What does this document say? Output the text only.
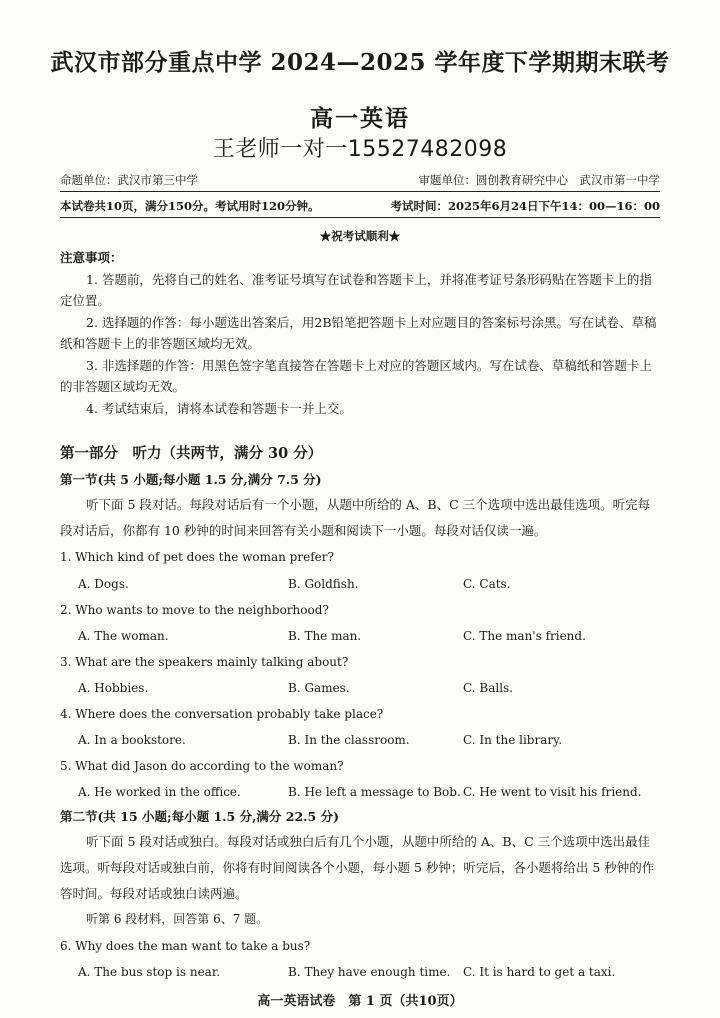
武汉市部分重点中学 2024—2025 学年度下学期期末联考
高一英语
王老师一对一15527482098
命题单位：武汉市第三中学	审题单位：圆创教育研究中心　武汉市第一中学
本试卷共10页，满分150分。考试用时120分钟。	考试时间：2025年6月24日下午14：00—16：00
★祝考试顺利★
注意事项：
1. 答题前，先将自己的姓名、准考证号填写在试卷和答题卡上，并将准考证号条形码贴在答题卡上的指定位置。
2. 选择题的作答：每小题选出答案后，用2B铅笔把答题卡上对应题目的答案标号涂黑。写在试卷、草稿纸和答题卡上的非答题区域均无效。
3. 非选择题的作答：用黑色签字笔直接答在答题卡上对应的答题区域内。写在试卷、草稿纸和答题卡上的非答题区域均无效。
4. 考试结束后，请将本试卷和答题卡一并上交。
第一部分　听力（共两节，满分 30 分）
第一节(共 5 小题;每小题 1.5 分,满分 7.5 分)
听下面 5 段对话。每段对话后有一个小题，从题中所给的 A、B、C 三个选项中选出最佳选项。听完每段对话后，你都有 10 秒钟的时间来回答有关小题和阅读下一小题。每段对话仅读一遍。
1. Which kind of pet does the woman prefer?
A. Dogs.	B. Goldfish.	C. Cats.
2. Who wants to move to the neighborhood?
A. The woman.	B. The man.	C. The man's friend.
3. What are the speakers mainly talking about?
A. Hobbies.	B. Games.	C. Balls.
4. Where does the conversation probably take place?
A. In a bookstore.	B. In the classroom.	C. In the library.
5. What did Jason do according to the woman?
A. He worked in the office.	B. He left a message to Bob. C. He went to visit his friend.
第二节(共 15 小题;每小题 1.5 分,满分 22.5 分)
听下面 5 段对话或独白。每段对话或独白后有几个小题，从题中所给的 A、B、C 三个选项中选出最佳选项。听每段对话或独白前，你将有时间阅读各个小题，每小题 5 秒钟；听完后，各小题将给出 5 秒钟的作答时间。每段对话或独白读两遍。
听第 6 段材料，回答第 6、7 题。
6. Why does the man want to take a bus?
A. The bus stop is near.	B. They have enough time. C. It is hard to get a taxi.
高一英语试卷　第 1 页（共10页）
